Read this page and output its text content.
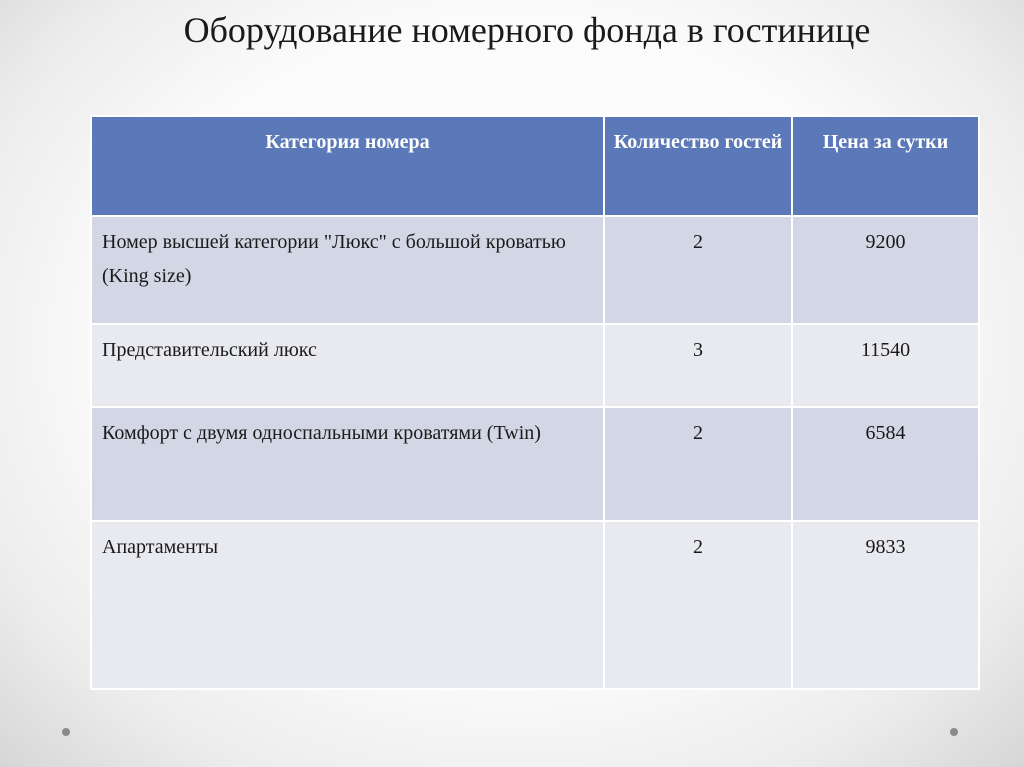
Оборудование номерного фонда в гостинице
Категория номера	Количество гостей	Цена за сутки
Номер высшей категории "Люкс" с большой кроватью (King size)	2	9200
Представительский люкс	3	11540
Комфорт с двумя односпальными кроватями (Twin)	2	6584
Апартаменты	2	9833
